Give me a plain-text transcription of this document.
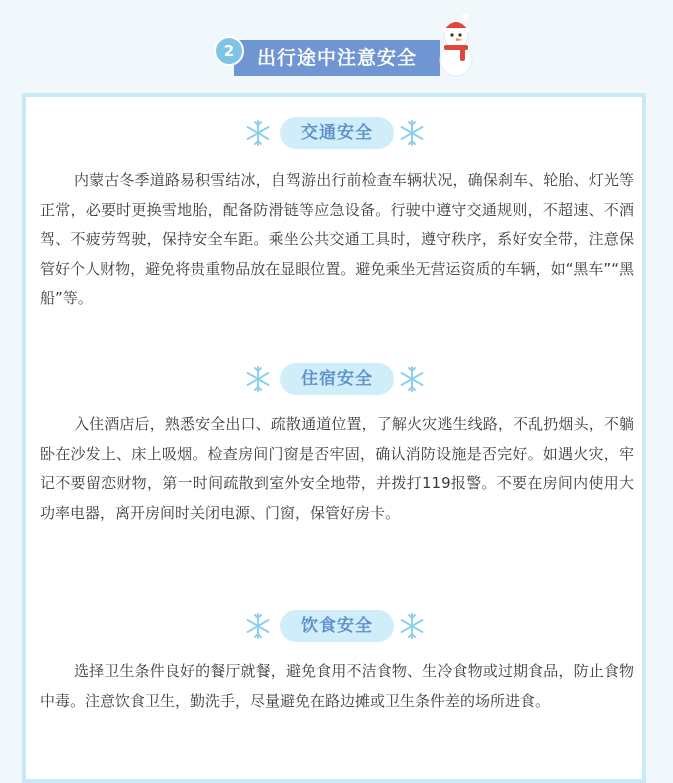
出行途中注意安全
2
交通安全

内蒙古冬季道路易积雪结冰，自驾游出行前检查车辆状况，确保刹车、轮胎、灯光等正常，必要时更换雪地胎，配备防滑链等应急设备。行驶中遵守交通规则，不超速、不酒驾、不疲劳驾驶，保持安全车距。乘坐公共交通工具时，遵守秩序，系好安全带，注意保管好个人财物，避免将贵重物品放在显眼位置。避免乘坐无营运资质的车辆，如“黑车”“黑船”等。

住宿安全

入住酒店后，熟悉安全出口、疏散通道位置，了解火灾逃生线路，不乱扔烟头，不躺卧在沙发上、床上吸烟。检查房间门窗是否牢固，确认消防设施是否完好。如遇火灾，牢记不要留恋财物，第一时间疏散到室外安全地带，并拨打119报警。不要在房间内使用大功率电器，离开房间时关闭电源、门窗，保管好房卡。

饮食安全

选择卫生条件良好的餐厅就餐，避免食用不洁食物、生冷食物或过期食品，防止食物中毒。注意饮食卫生，勤洗手，尽量避免在路边摊或卫生条件差的场所进食。
